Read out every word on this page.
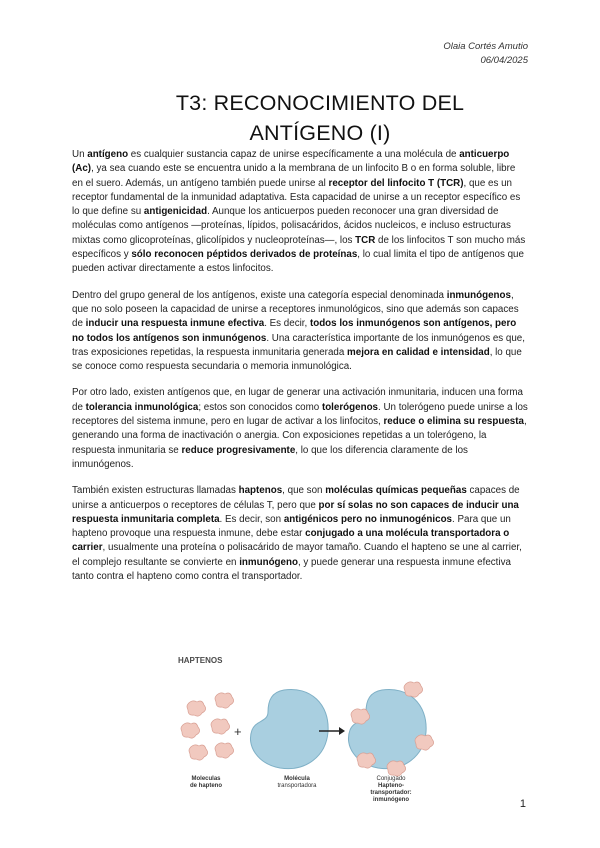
Olaia Cortés Amutio
06/04/2025
T3: RECONOCIMIENTO DEL
ANTÍGENO (I)

Un antígeno es cualquier sustancia capaz de unirse específicamente a una molécula de anticuerpo (Ac), ya sea cuando este se encuentra unido a la membrana de un linfocito B o en forma soluble, libre en el suero. Además, un antígeno también puede unirse al receptor del linfocito T (TCR), que es un receptor fundamental de la inmunidad adaptativa. Esta capacidad de unirse a un receptor específico es lo que define su antigenicidad. Aunque los anticuerpos pueden reconocer una gran diversidad de moléculas como antígenos —proteínas, lípidos, polisacáridos, ácidos nucleicos, e incluso estructuras mixtas como glicoproteínas, glicolípidos y nucleoproteínas—, los TCR de los linfocitos T son mucho más específicos y sólo reconocen péptidos derivados de proteínas, lo cual limita el tipo de antígenos que pueden activar directamente a estos linfocitos.

Dentro del grupo general de los antígenos, existe una categoría especial denominada inmunógenos, que no solo poseen la capacidad de unirse a receptores inmunológicos, sino que además son capaces de inducir una respuesta inmune efectiva. Es decir, todos los inmunógenos son antígenos, pero no todos los antígenos son inmunógenos. Una característica importante de los inmunógenos es que, tras exposiciones repetidas, la respuesta inmunitaria generada mejora en calidad e intensidad, lo que se conoce como respuesta secundaria o memoria inmunológica.

Por otro lado, existen antígenos que, en lugar de generar una activación inmunitaria, inducen una forma de tolerancia inmunológica; estos son conocidos como tolerógenos. Un tolerógeno puede unirse a los receptores del sistema inmune, pero en lugar de activar a los linfocitos, reduce o elimina su respuesta, generando una forma de inactivación o anergia. Con exposiciones repetidas a un tolerógeno, la respuesta inmunitaria se reduce progresivamente, lo que los diferencia claramente de los inmunógenos.

También existen estructuras llamadas haptenos, que son moléculas químicas pequeñas capaces de unirse a anticuerpos o receptores de células T, pero que por sí solas no son capaces de inducir una respuesta inmunitaria completa. Es decir, son antigénicos pero no inmunogénicos. Para que un hapteno provoque una respuesta inmune, debe estar conjugado a una molécula transportadora o carrier, usualmente una proteína o polisacárido de mayor tamaño. Cuando el hapteno se une al carrier, el complejo resultante se convierte en inmunógeno, y puede generar una respuesta inmune efectiva tanto contra el hapteno como contra el transportador.

HAPTENOS
+
Moleculas
de hapteno
Molécula
transportadora
Conjugado
Hapteno-
transportador:
inmunógeno	1
